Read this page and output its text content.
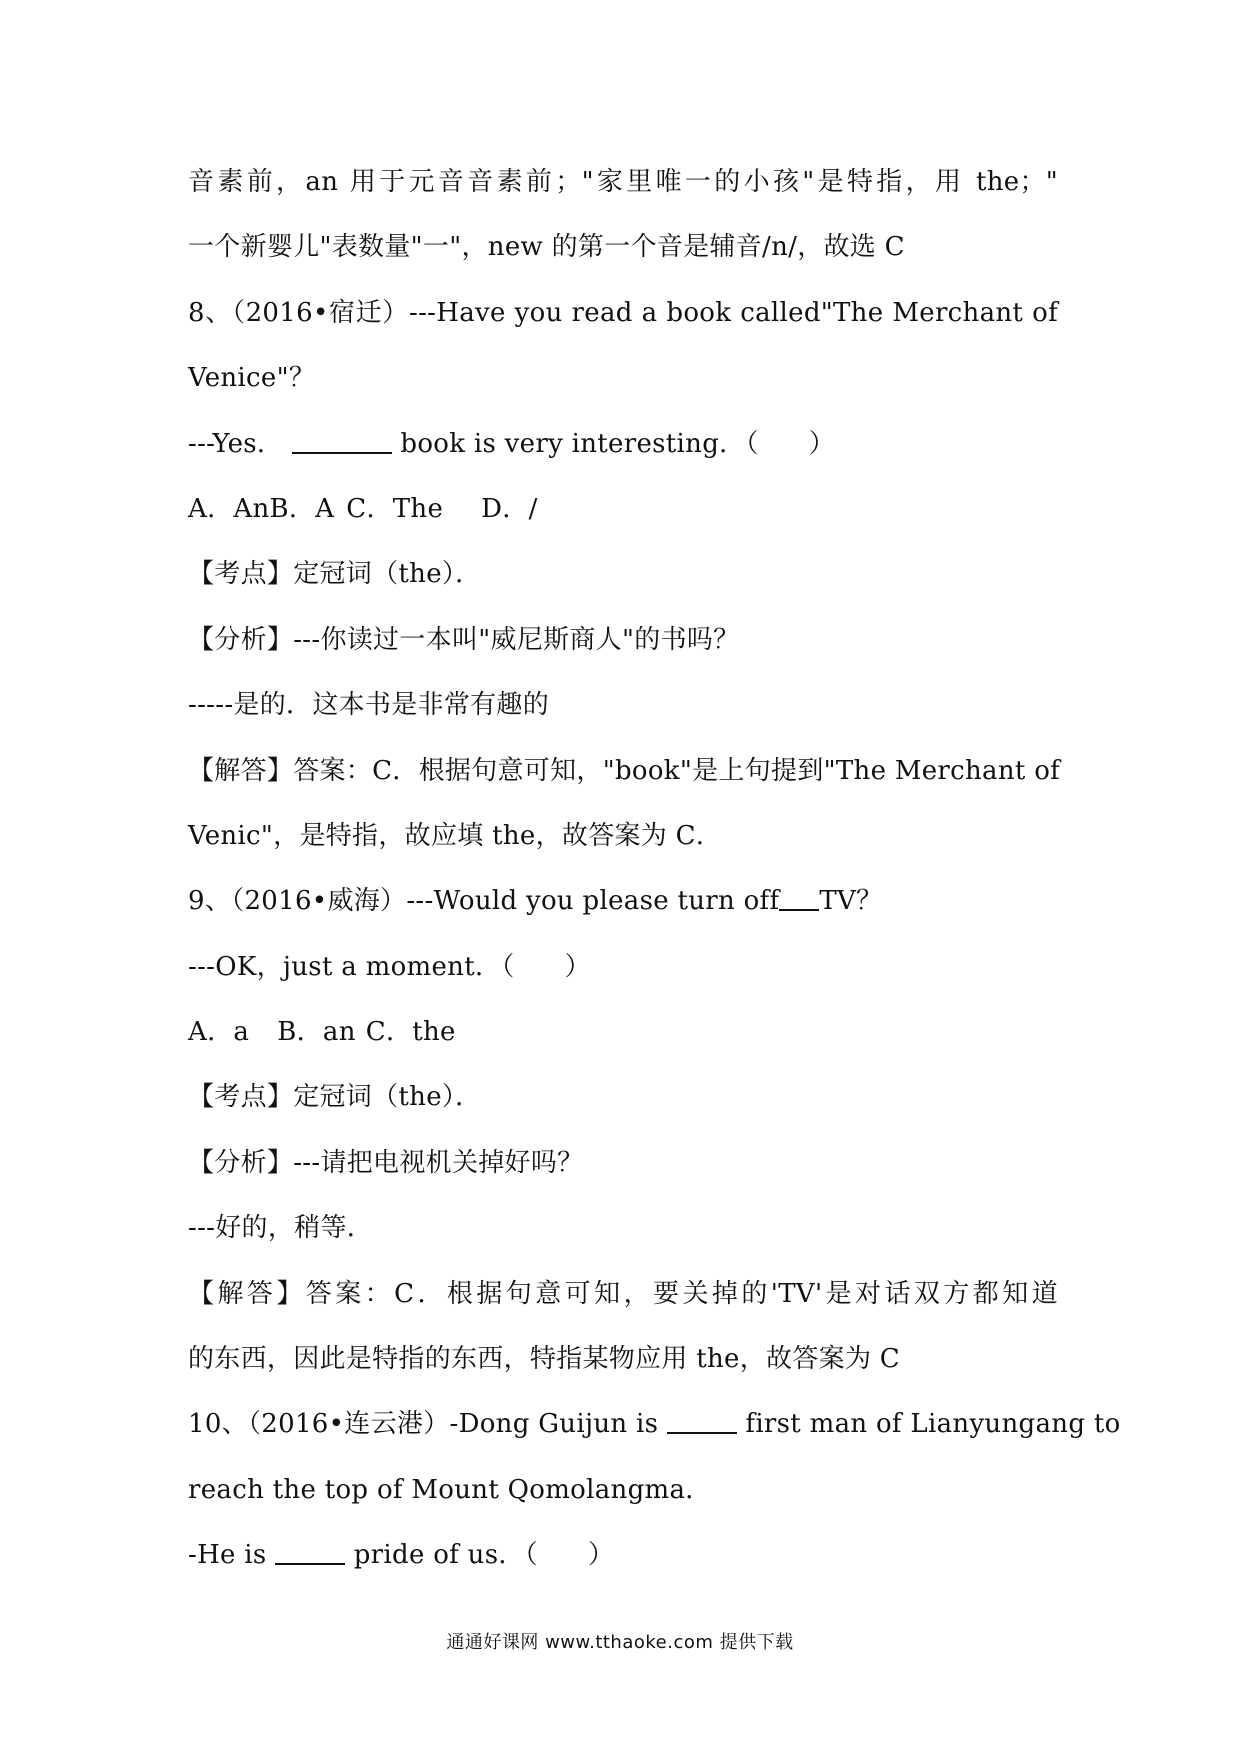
音素前，an 用于元音音素前；"家里唯一的小孩"是特指，用 the；"
一个新婴儿"表数量"一"，new 的第一个音是辅音/n/，故选 C
8、（2016•宿迁）---Have you read a book called"The Merchant of
Venice"？
---Yes．	book is very interesting．（ ）
A．AnB．A C．The D．/
【考点】定冠词（the）．
【分析】---你读过一本叫"威尼斯商人"的书吗？
-----是的．这本书是非常有趣的
【解答】答案：C．根据句意可知，"book"是上句提到"The Merchant of
Venic"，是特指，故应填 the，故答案为 C．
9、（2016•威海）---Would you please turn off TV？
---OK，just a moment．（ ）
A．a B．an C．the
【考点】定冠词（the）．
【分析】---请把电视机关掉好吗？
---好的，稍等．
【解答】答案：C．根据句意可知，要关掉的'TV'是对话双方都知道
的东西，因此是特指的东西，特指某物应用 the，故答案为 C
10、（2016•连云港）-Dong Guijun is	first man of Lianyungang to
reach the top of Mount Qomolangma．
-He is	pride of us．（ ）
通通好课网 www.tthaoke.com 提供下载
